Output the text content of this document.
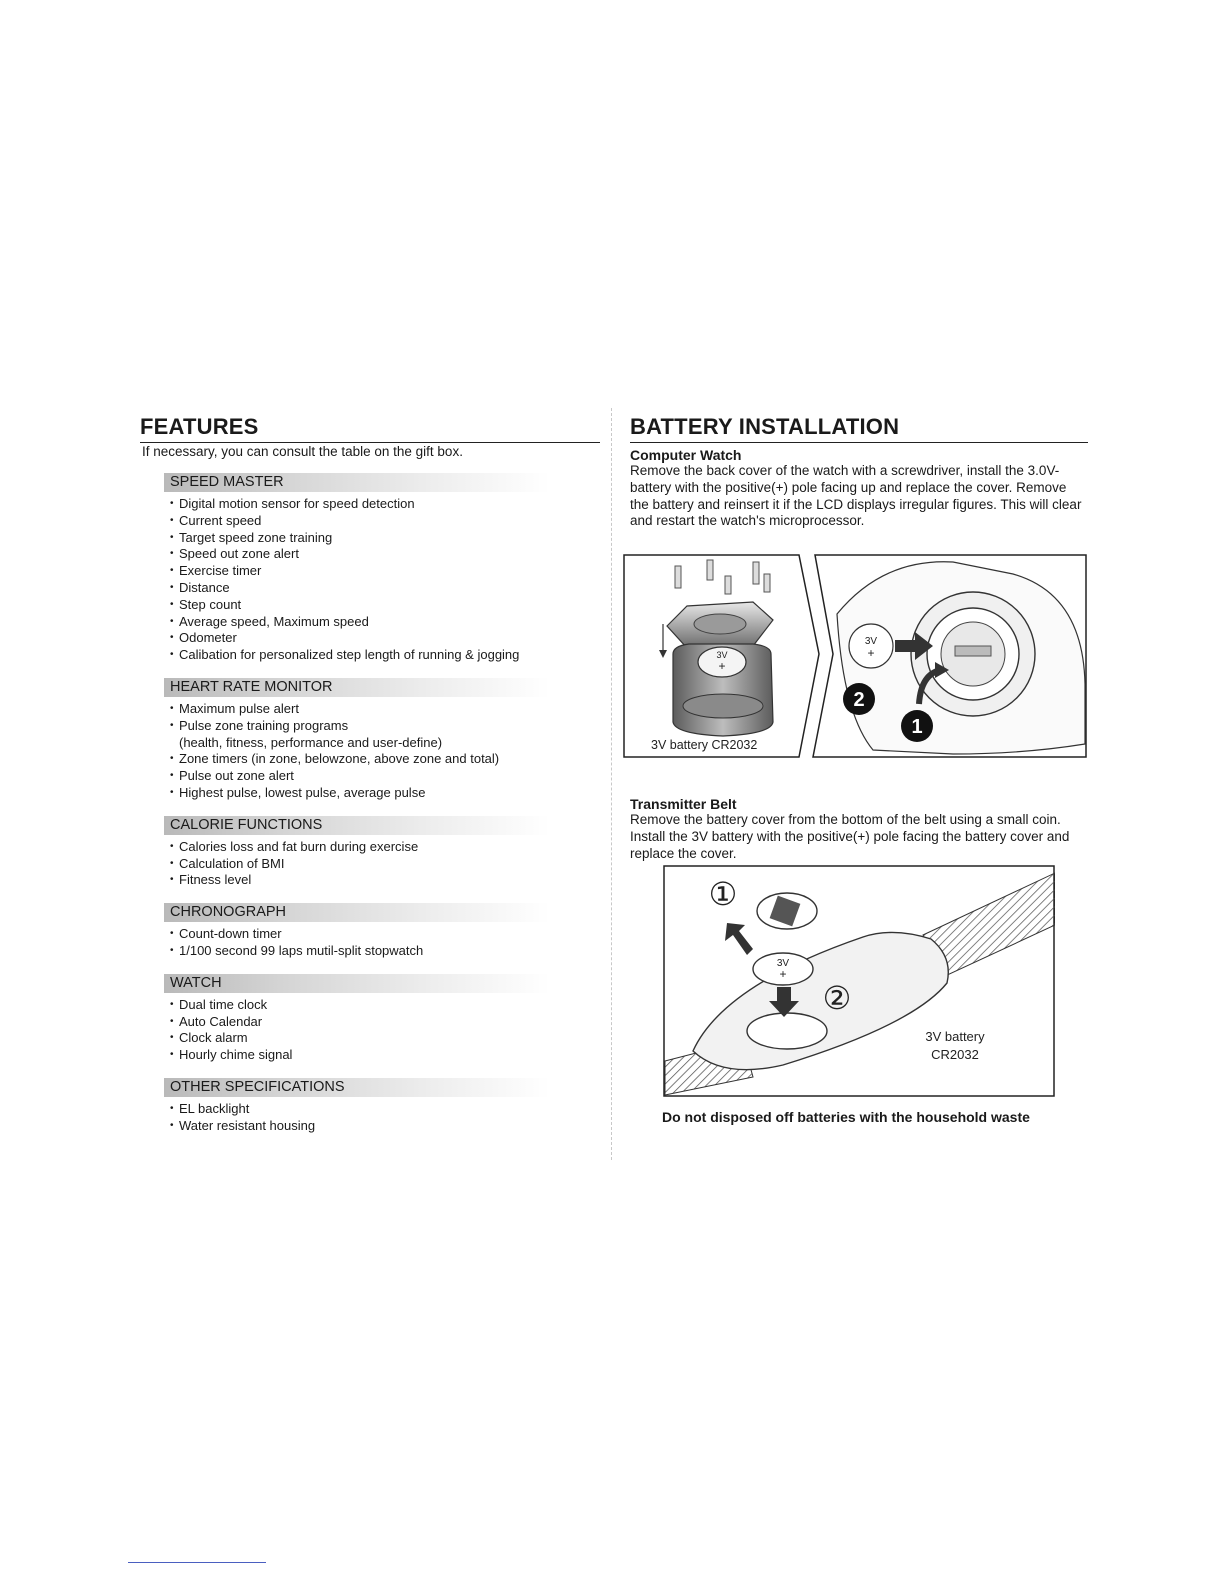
FEATURES
If necessary, you can consult the table on the gift box.
SPEED MASTER
• Digital motion sensor for speed detection
• Current speed
• Target speed zone training
• Speed out zone alert
• Exercise timer
• Distance
• Step count
• Average speed, Maximum speed
• Odometer
• Calibation for personalized step length of running & jogging
HEART RATE MONITOR
• Maximum pulse alert
• Pulse zone training programs
(health, fitness, performance and user-define)
• Zone timers (in zone, belowzone, above zone and total)
• Pulse out zone alert
• Highest pulse, lowest pulse, average pulse
CALORIE FUNCTIONS
• Calories loss and fat burn during exercise
• Calculation of BMI
• Fitness level
CHRONOGRAPH
• Count-down timer
• 1/100 second 99 laps mutil-split stopwatch
WATCH
• Dual time clock
• Auto Calendar
• Clock alarm
• Hourly chime signal
OTHER SPECIFICATIONS
• EL backlight
• Water resistant housing
BATTERY INSTALLATION
Computer Watch
Remove the back cover of the watch with a screwdriver, install the 3.0V-battery with the positive(+) pole facing up and replace the cover. Remove the battery and reinsert it if the LCD displays irregular figures. This will clear and restart the watch's microprocessor.
3V
+
3V battery CR2032
3V
+
2
1
Transmitter Belt
Remove the battery cover from the bottom of the belt using a small coin. Install the 3V battery with the positive(+) pole facing the battery cover and replace the cover.
3V
+
①
②
3V battery
CR2032
Do not disposed off batteries with the household waste
